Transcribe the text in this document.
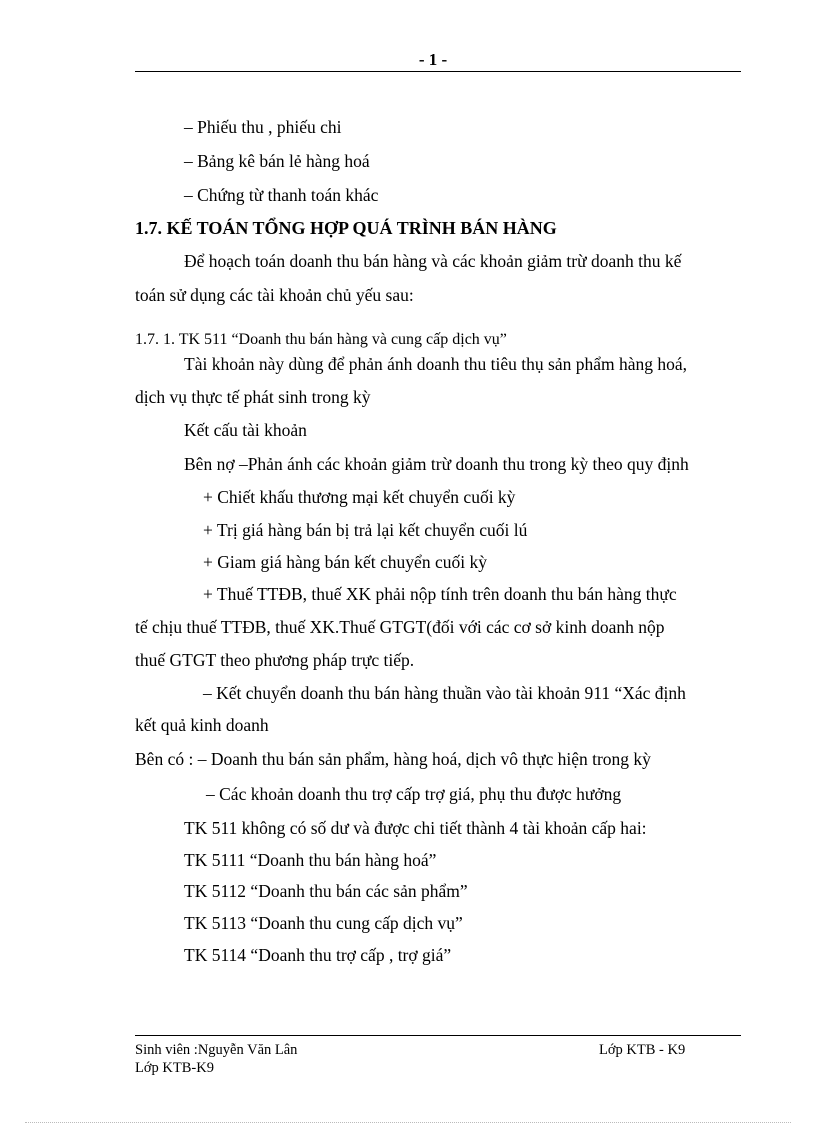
- 1 -
– Phiếu thu , phiếu chi
– Bảng kê bán lẻ hàng hoá
– Chứng từ thanh toán khác
1.7. KẾ TOÁN TỔNG HỢP QUÁ TRÌNH BÁN HÀNG
Để hoạch toán doanh thu bán hàng và các khoản giảm trừ doanh thu kế
toán sử dụng các tài khoản chủ yếu sau:
1.7. 1. TK 511 “Doanh thu bán hàng và cung cấp dịch vụ”
Tài khoản này dùng để phản ánh doanh thu tiêu thụ sản phẩm hàng hoá,
dịch vụ thực tế phát sinh trong kỳ
Kết cấu tài khoản
Bên nợ –Phản ánh các khoản giảm trừ doanh thu trong kỳ theo quy định
+ Chiết khấu thương mại kết chuyển cuối kỳ
+ Trị giá hàng bán bị trả lại kết chuyển cuối lú
+ Giam giá hàng bán kết chuyển cuối kỳ
+ Thuế TTĐB, thuế XK phải nộp tính trên doanh thu bán hàng thực
tế chịu thuế TTĐB, thuế XK.Thuế GTGT(đối với các cơ sở kinh doanh nộp
thuế GTGT theo phương pháp trực tiếp.
– Kết chuyển doanh thu bán hàng thuần vào tài khoản 911 “Xác định
kết quả kinh doanh
Bên có : – Doanh thu bán sản phẩm, hàng hoá, dịch vô thực hiện trong kỳ
– Các khoản doanh thu trợ cấp trợ giá, phụ thu được hưởng
TK 511 không có số dư và được chi tiết thành 4 tài khoản cấp hai:
TK 5111 “Doanh thu bán hàng hoá”
TK 5112 “Doanh thu bán các sản phẩm”
TK 5113 “Doanh thu cung cấp dịch vụ”
TK 5114 “Doanh thu trợ cấp , trợ giá”
Sinh viên :Nguyễn Văn Lân	Lớp KTB - K9
Lớp KTB-K9
